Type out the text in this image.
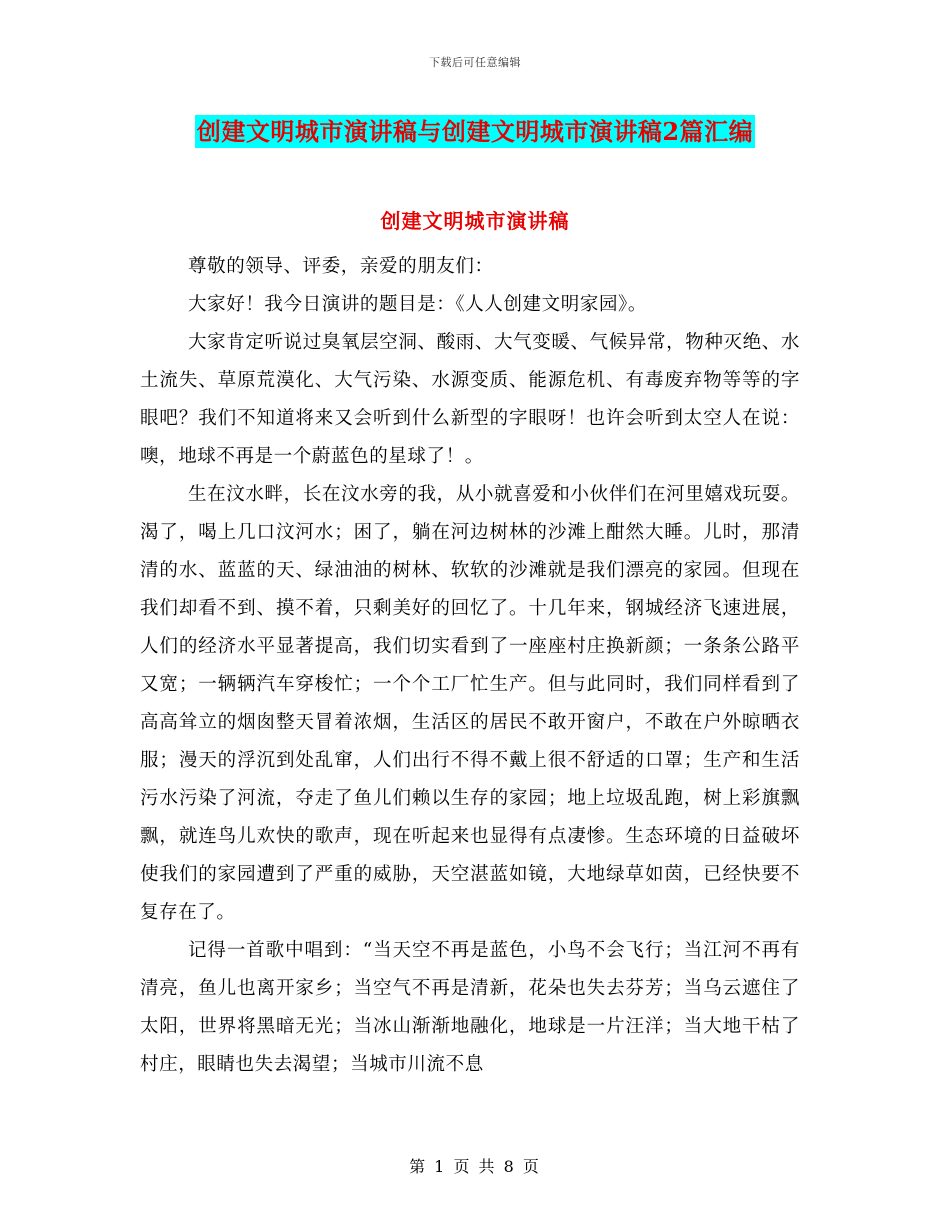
下载后可任意编辑
创建文明城市演讲稿与创建文明城市演讲稿2篇汇编
创建文明城市演讲稿

尊敬的领导、评委，亲爱的朋友们：

大家好！我今日演讲的题目是：《人人创建文明家园》。

大家肯定听说过臭氧层空洞、酸雨、大气变暖、气候异常，物种灭绝、水土流失、草原荒漠化、大气污染、水源变质、能源危机、有毒废弃物等等的字眼吧？我们不知道将来又会听到什么新型的字眼呀！也许会听到太空人在说：噢，地球不再是一个蔚蓝色的星球了！。

生在汶水畔，长在汶水旁的我，从小就喜爱和小伙伴们在河里嬉戏玩耍。渴了，喝上几口汶河水；困了，躺在河边树林的沙滩上酣然大睡。儿时，那清清的水、蓝蓝的天、绿油油的树林、软软的沙滩就是我们漂亮的家园。但现在我们却看不到、摸不着，只剩美好的回忆了。十几年来，钢城经济飞速进展，人们的经济水平显著提高，我们切实看到了一座座村庄换新颜；一条条公路平又宽；一辆辆汽车穿梭忙；一个个工厂忙生产。但与此同时，我们同样看到了高高耸立的烟囱整天冒着浓烟，生活区的居民不敢开窗户，不敢在户外晾晒衣服；漫天的浮沉到处乱窜，人们出行不得不戴上很不舒适的口罩；生产和生活污水污染了河流，夺走了鱼儿们赖以生存的家园；地上垃圾乱跑，树上彩旗飘飘，就连鸟儿欢快的歌声，现在听起来也显得有点凄惨。生态环境的日益破坏使我们的家园遭到了严重的威胁，天空湛蓝如镜，大地绿草如茵，已经快要不复存在了。

记得一首歌中唱到：“当天空不再是蓝色，小鸟不会飞行；当江河不再有清亮，鱼儿也离开家乡；当空气不再是清新，花朵也失去芬芳；当乌云遮住了太阳，世界将黑暗无光；当冰山渐渐地融化，地球是一片汪洋；当大地干枯了村庄，眼睛也失去渴望；当城市川流不息

第 1 页 共 8 页
